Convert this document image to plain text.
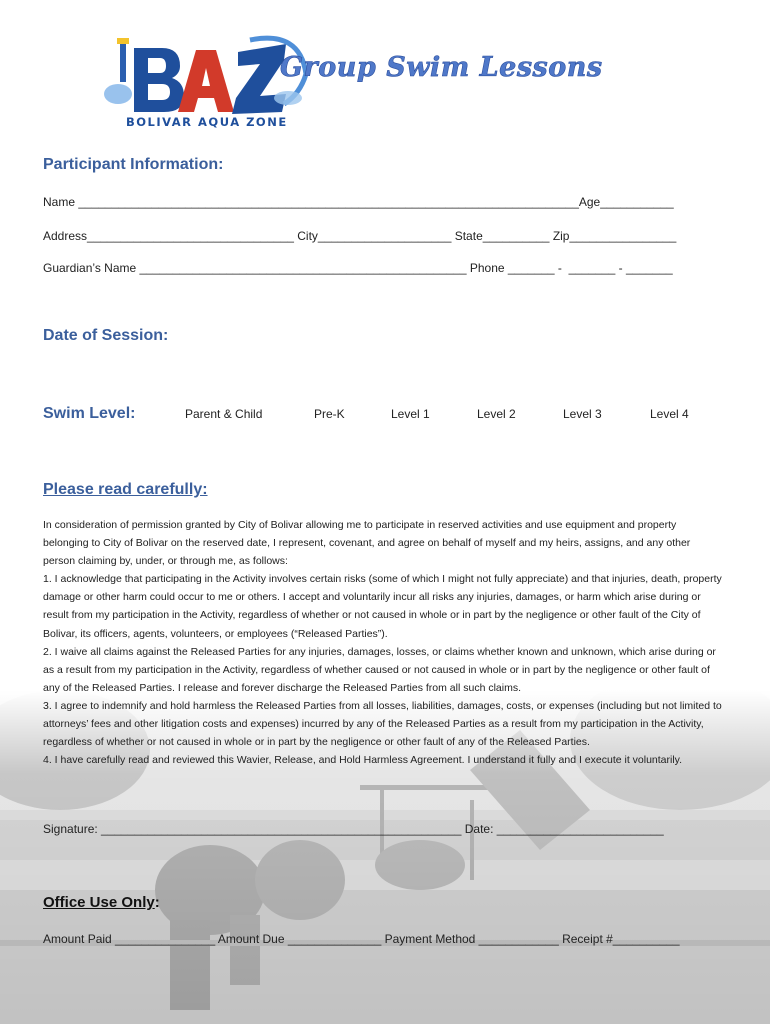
BOLIVAR AQUA ZONE
Group Swim Lessons
Participant Information:
Name ___________________________________________________________________________Age___________
Address_______________________________ City____________________ State__________ Zip________________
Guardian’s Name _________________________________________________ Phone _______ -  _______ - _______
Date of Session:
Swim Level:	Parent & Child	Pre-K	Level 1	Level 2	Level 3	Level 4
Please read carefully:

In consideration of permission granted by City of Bolivar allowing me to participate in reserved activities and use equipment and property belonging to City of Bolivar on the reserved date, I represent, covenant, and agree on behalf of myself and my heirs, assigns, and any other person claiming by, under, or through me, as follows:

1. I acknowledge that participating in the Activity involves certain risks (some of which I might not fully appreciate) and that injuries, death, property damage or other harm could occur to me or others. I accept and voluntarily incur all risks any injuries, damages, or harm which arise during or result from my participation in the Activity, regardless of whether or not caused in whole or in part by the negligence or other fault of the City of Bolivar, its officers, agents, volunteers, or employees (“Released Parties”).

2. I waive all claims against the Released Parties for any injuries, damages, losses, or claims whether known and unknown, which arise during or as a result from my participation in the Activity, regardless of whether caused or not caused in whole or in part by the negligence or other fault of any of the Released Parties. I release and forever discharge the Released Parties from all such claims.

3. I agree to indemnify and hold harmless the Released Parties from all losses, liabilities, damages, costs, or expenses (including but not limited to attorneys’ fees and other litigation costs and expenses) incurred by any of the Released Parties as a result from my participation in the Activity, regardless of whether or not caused in whole or in part by the negligence or other fault of any of the Released Parties.

4. I have carefully read and reviewed this Wavier, Release, and Hold Harmless Agreement. I understand it fully and I execute it voluntarily.

Signature: ______________________________________________________ Date: _________________________
Office Use Only:
Amount Paid _______________ Amount Due ______________ Payment Method ____________ Receipt #__________
